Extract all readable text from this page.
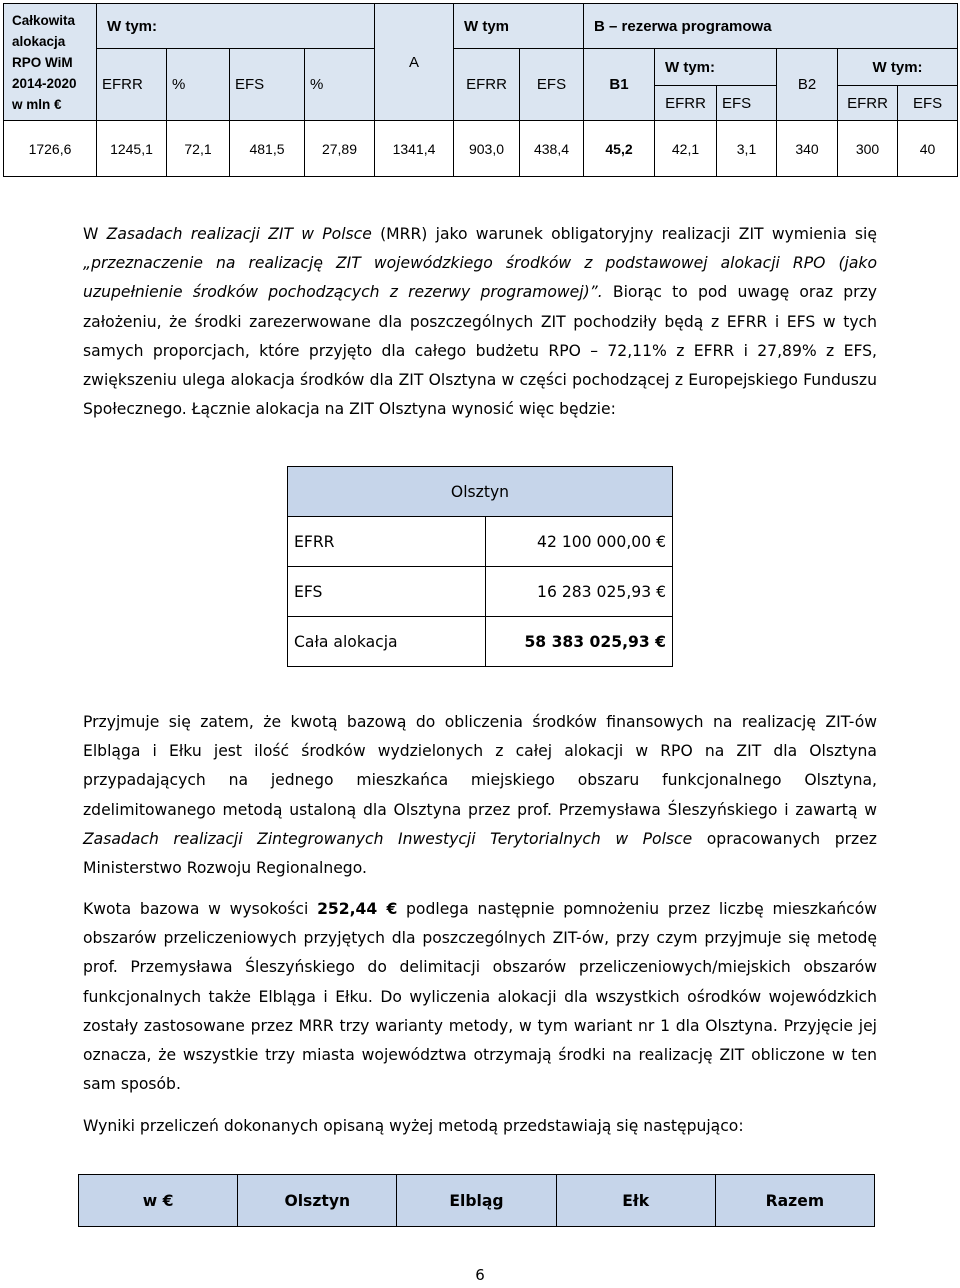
Całkowita
alokacja
RPO WiM
2014-2020
w mln €	W tym:				A	W tym		B – rezerwa programowa					
	EFRR	%	EFS	%		EFRR	EFS	B1	W tym:		B2	W tym:	
									EFRR	EFS		EFRR	EFS
1726,6	1245,1	72,1	481,5	27,89	1341,4	903,0	438,4	45,2	42,1	3,1	340	300	40
W Zasadach realizacji ZIT w Polsce (MRR) jako warunek obligatoryjny realizacji ZIT wymienia się „przeznaczenie na realizację ZIT wojewódzkiego środków z podstawowej alokacji RPO (jako uzupełnienie środków pochodzących z rezerwy programowej)”. Biorąc to pod uwagę oraz przy założeniu, że środki zarezerwowane dla poszczególnych ZIT pochodziły będą z EFRR i EFS w tych samych proporcjach, które przyjęto dla całego budżetu RPO – 72,11% z EFRR i 27,89% z EFS, zwiększeniu ulega alokacja środków dla ZIT Olsztyna w części pochodzącej z Europejskiego Funduszu Społecznego. Łącznie alokacja na ZIT Olsztyna wynosić więc będzie:
Olsztyn	
EFRR	42 100 000,00 €
EFS	16 283 025,93 €
Cała alokacja	58 383 025,93 €
Przyjmuje się zatem, że kwotą bazową do obliczenia środków finansowych na realizację ZIT-ów Elbląga i Ełku jest ilość środków wydzielonych z całej alokacji w RPO na ZIT dla Olsztyna przypadających na jednego mieszkańca miejskiego obszaru funkcjonalnego Olsztyna, zdelimitowanego metodą ustaloną dla Olsztyna przez prof. Przemysława Śleszyńskiego i zawartą w Zasadach realizacji Zintegrowanych Inwestycji Terytorialnych w Polsce opracowanych przez Ministerstwo Rozwoju Regionalnego.
Kwota bazowa w wysokości 252,44 € podlega następnie pomnożeniu przez liczbę mieszkańców obszarów przeliczeniowych przyjętych dla poszczególnych ZIT-ów, przy czym przyjmuje się metodę prof. Przemysława Śleszyńskiego do delimitacji obszarów przeliczeniowych/miejskich obszarów funkcjonalnych także Elbląga i Ełku. Do wyliczenia alokacji dla wszystkich ośrodków wojewódzkich zostały zastosowane przez MRR trzy warianty metody, w tym wariant nr 1 dla Olsztyna. Przyjęcie jej oznacza, że wszystkie trzy miasta województwa otrzymają środki na realizację ZIT obliczone w ten sam sposób.
Wyniki przeliczeń dokonanych opisaną wyżej metodą przedstawiają się następująco:
w €	Olsztyn	Elbląg	Ełk	Razem
6
